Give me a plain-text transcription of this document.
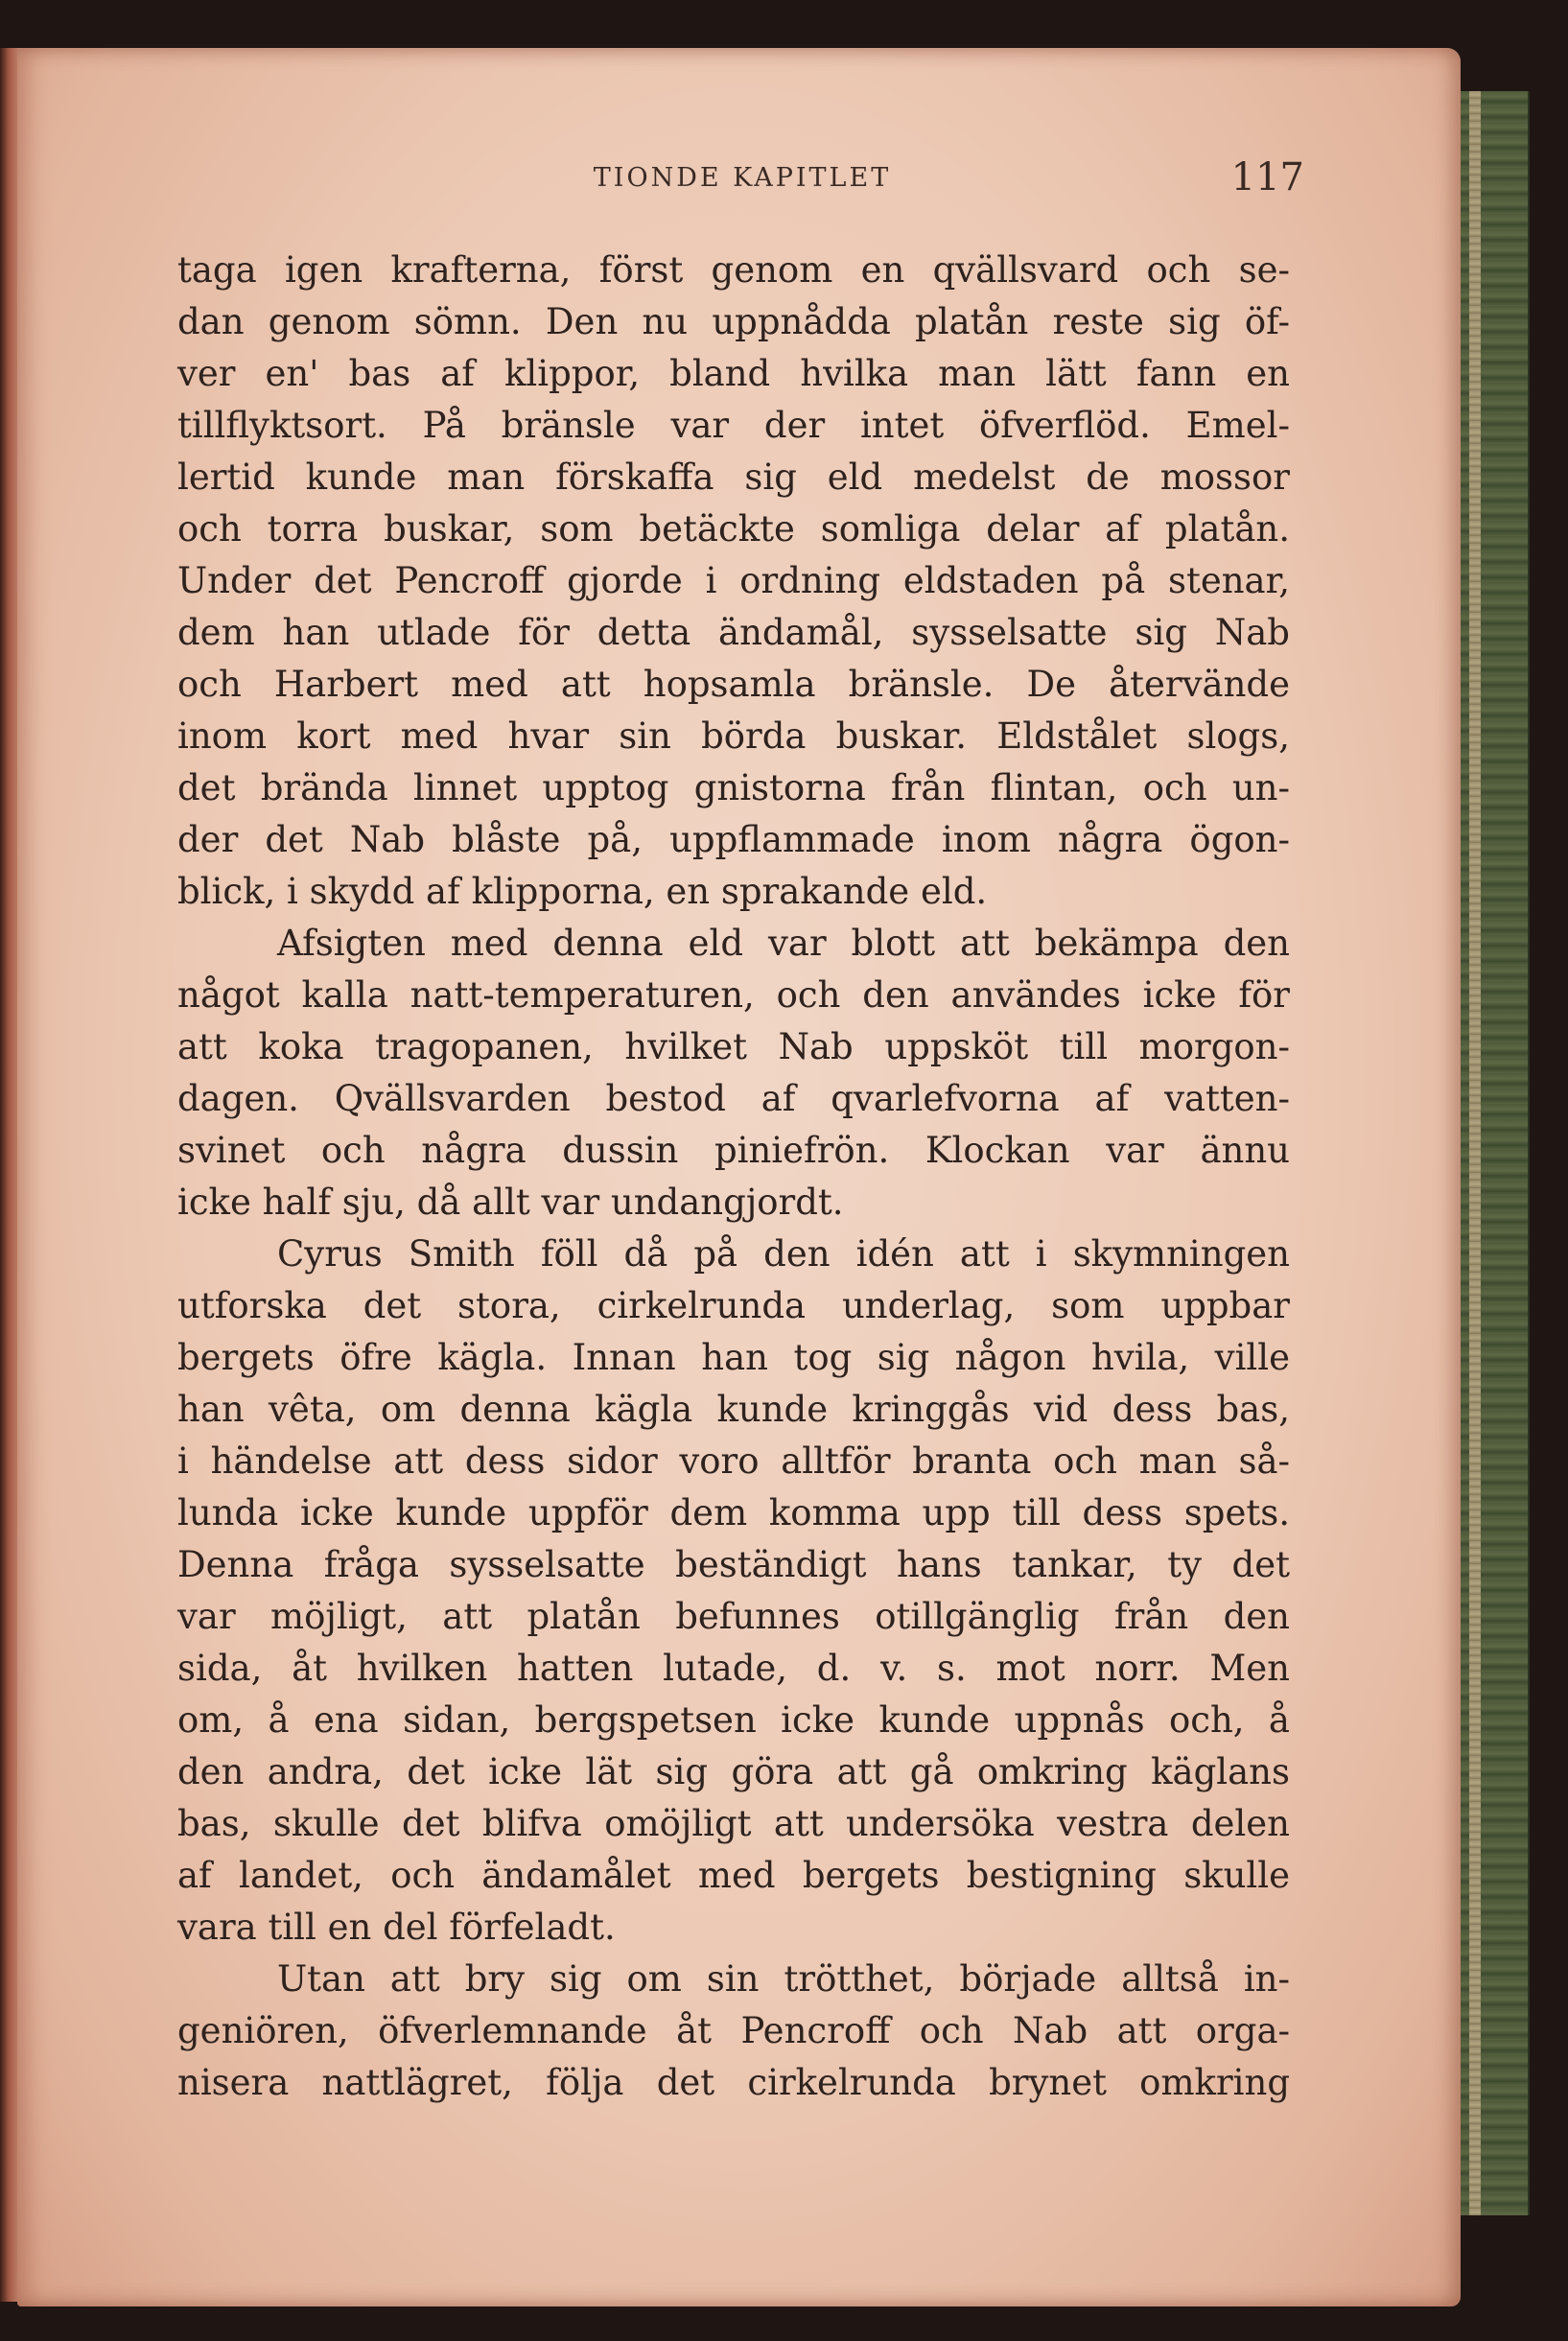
TIONDE KAPITLET	117
taga igen krafterna, först genom en qvällsvard och se-
dan genom sömn. Den nu uppnådda platån reste sig öf-
ver en' bas af klippor, bland hvilka man lätt fann en
tillflyktsort. På bränsle var der intet öfverflöd. Emel-
lertid kunde man förskaffa sig eld medelst de mossor
och torra buskar, som betäckte somliga delar af platån.
Under det Pencroff gjorde i ordning eldstaden på stenar,
dem han utlade för detta ändamål, sysselsatte sig Nab
och Harbert med att hopsamla bränsle. De återvände
inom kort med hvar sin börda buskar. Eldstålet slogs,
det brända linnet upptog gnistorna från flintan, och un-
der det Nab blåste på, uppflammade inom några ögon-
blick, i skydd af klipporna, en sprakande eld.
Afsigten med denna eld var blott att bekämpa den
något kalla natt-temperaturen, och den användes icke för
att koka tragopanen, hvilket Nab uppsköt till morgon-
dagen. Qvällsvarden bestod af qvarlefvorna af vatten-
svinet och några dussin piniefrön. Klockan var ännu
icke half sju, då allt var undangjordt.
Cyrus Smith föll då på den idén att i skymningen
utforska det stora, cirkelrunda underlag, som uppbar
bergets öfre kägla. Innan han tog sig någon hvila, ville
han vêta, om denna kägla kunde kringgås vid dess bas,
i händelse att dess sidor voro alltför branta och man så-
lunda icke kunde uppför dem komma upp till dess spets.
Denna fråga sysselsatte beständigt hans tankar, ty det
var möjligt, att platån befunnes otillgänglig från den
sida, åt hvilken hatten lutade, d. v. s. mot norr. Men
om, å ena sidan, bergspetsen icke kunde uppnås och, å
den andra, det icke lät sig göra att gå omkring käglans
bas, skulle det blifva omöjligt att undersöka vestra delen
af landet, och ändamålet med bergets bestigning skulle
vara till en del förfeladt.
Utan att bry sig om sin trötthet, började alltså in-
geniören, öfverlemnande åt Pencroff och Nab att orga-
nisera nattlägret, följa det cirkelrunda brynet omkring
